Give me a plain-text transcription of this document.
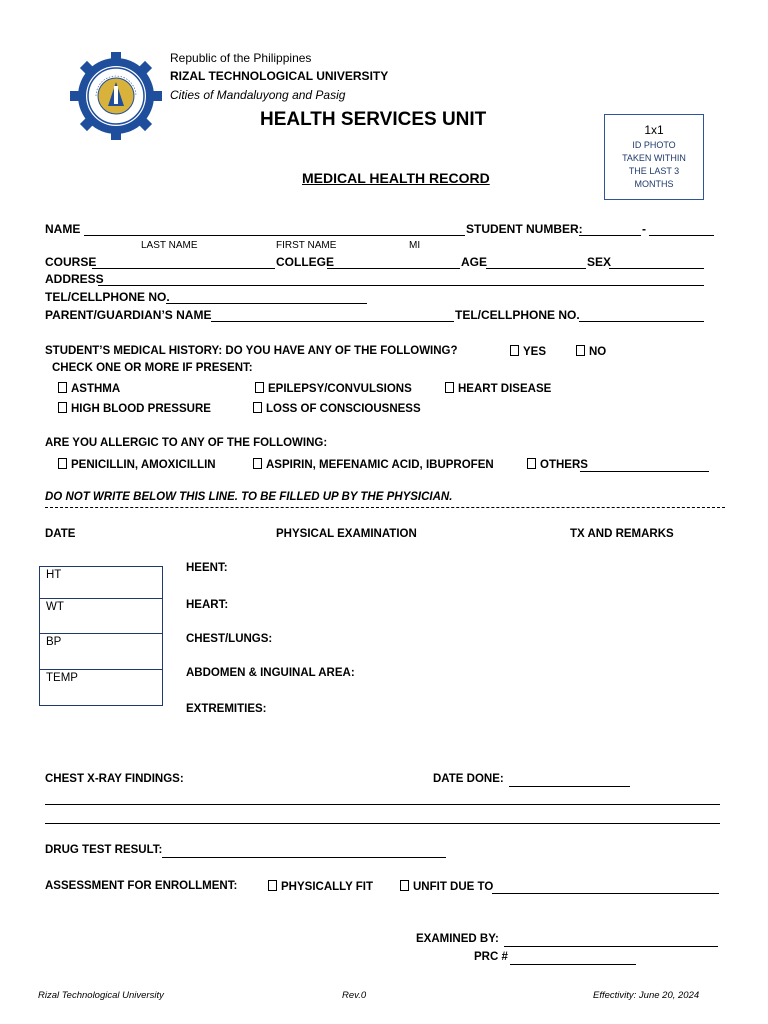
Republic of the Philippines
RIZAL TECHNOLOGICAL UNIVERSITY
Cities of Mandaluyong and Pasig
HEALTH SERVICES UNIT
MEDICAL HEALTH RECORD
1x1
ID PHOTO
TAKEN WITHIN
THE LAST 3
MONTHS
NAME	STUDENT NUMBER:	-
LAST NAME	FIRST NAME	MI
COURSE	COLLEGE	AGE	SEX
ADDRESS
TEL/CELLPHONE NO.
PARENT/GUARDIAN’S NAME	TEL/CELLPHONE NO.
STUDENT’S MEDICAL HISTORY: DO YOU HAVE ANY OF THE FOLLOWING?	YES	NO
CHECK ONE OR MORE IF PRESENT:
ASTHMA	EPILEPSY/CONVULSIONS	HEART DISEASE
HIGH BLOOD PRESSURE	LOSS OF CONSCIOUSNESS
ARE YOU ALLERGIC TO ANY OF THE FOLLOWING:
PENICILLIN, AMOXICILLIN	ASPIRIN, MEFENAMIC ACID, IBUPROFEN	OTHERS
DO NOT WRITE BELOW THIS LINE. TO BE FILLED UP BY THE PHYSICIAN.
DATE	PHYSICAL EXAMINATION	TX AND REMARKS
HT
WT
BP
TEMP
HEENT:
HEART:
CHEST/LUNGS:
ABDOMEN & INGUINAL AREA:
EXTREMITIES:
CHEST X-RAY FINDINGS:	DATE DONE:
DRUG TEST RESULT:
ASSESSMENT FOR ENROLLMENT:	PHYSICALLY FIT	UNFIT DUE TO
EXAMINED BY:
PRC #
Rizal Technological University	Rev.0	Effectivity: June 20, 2024
